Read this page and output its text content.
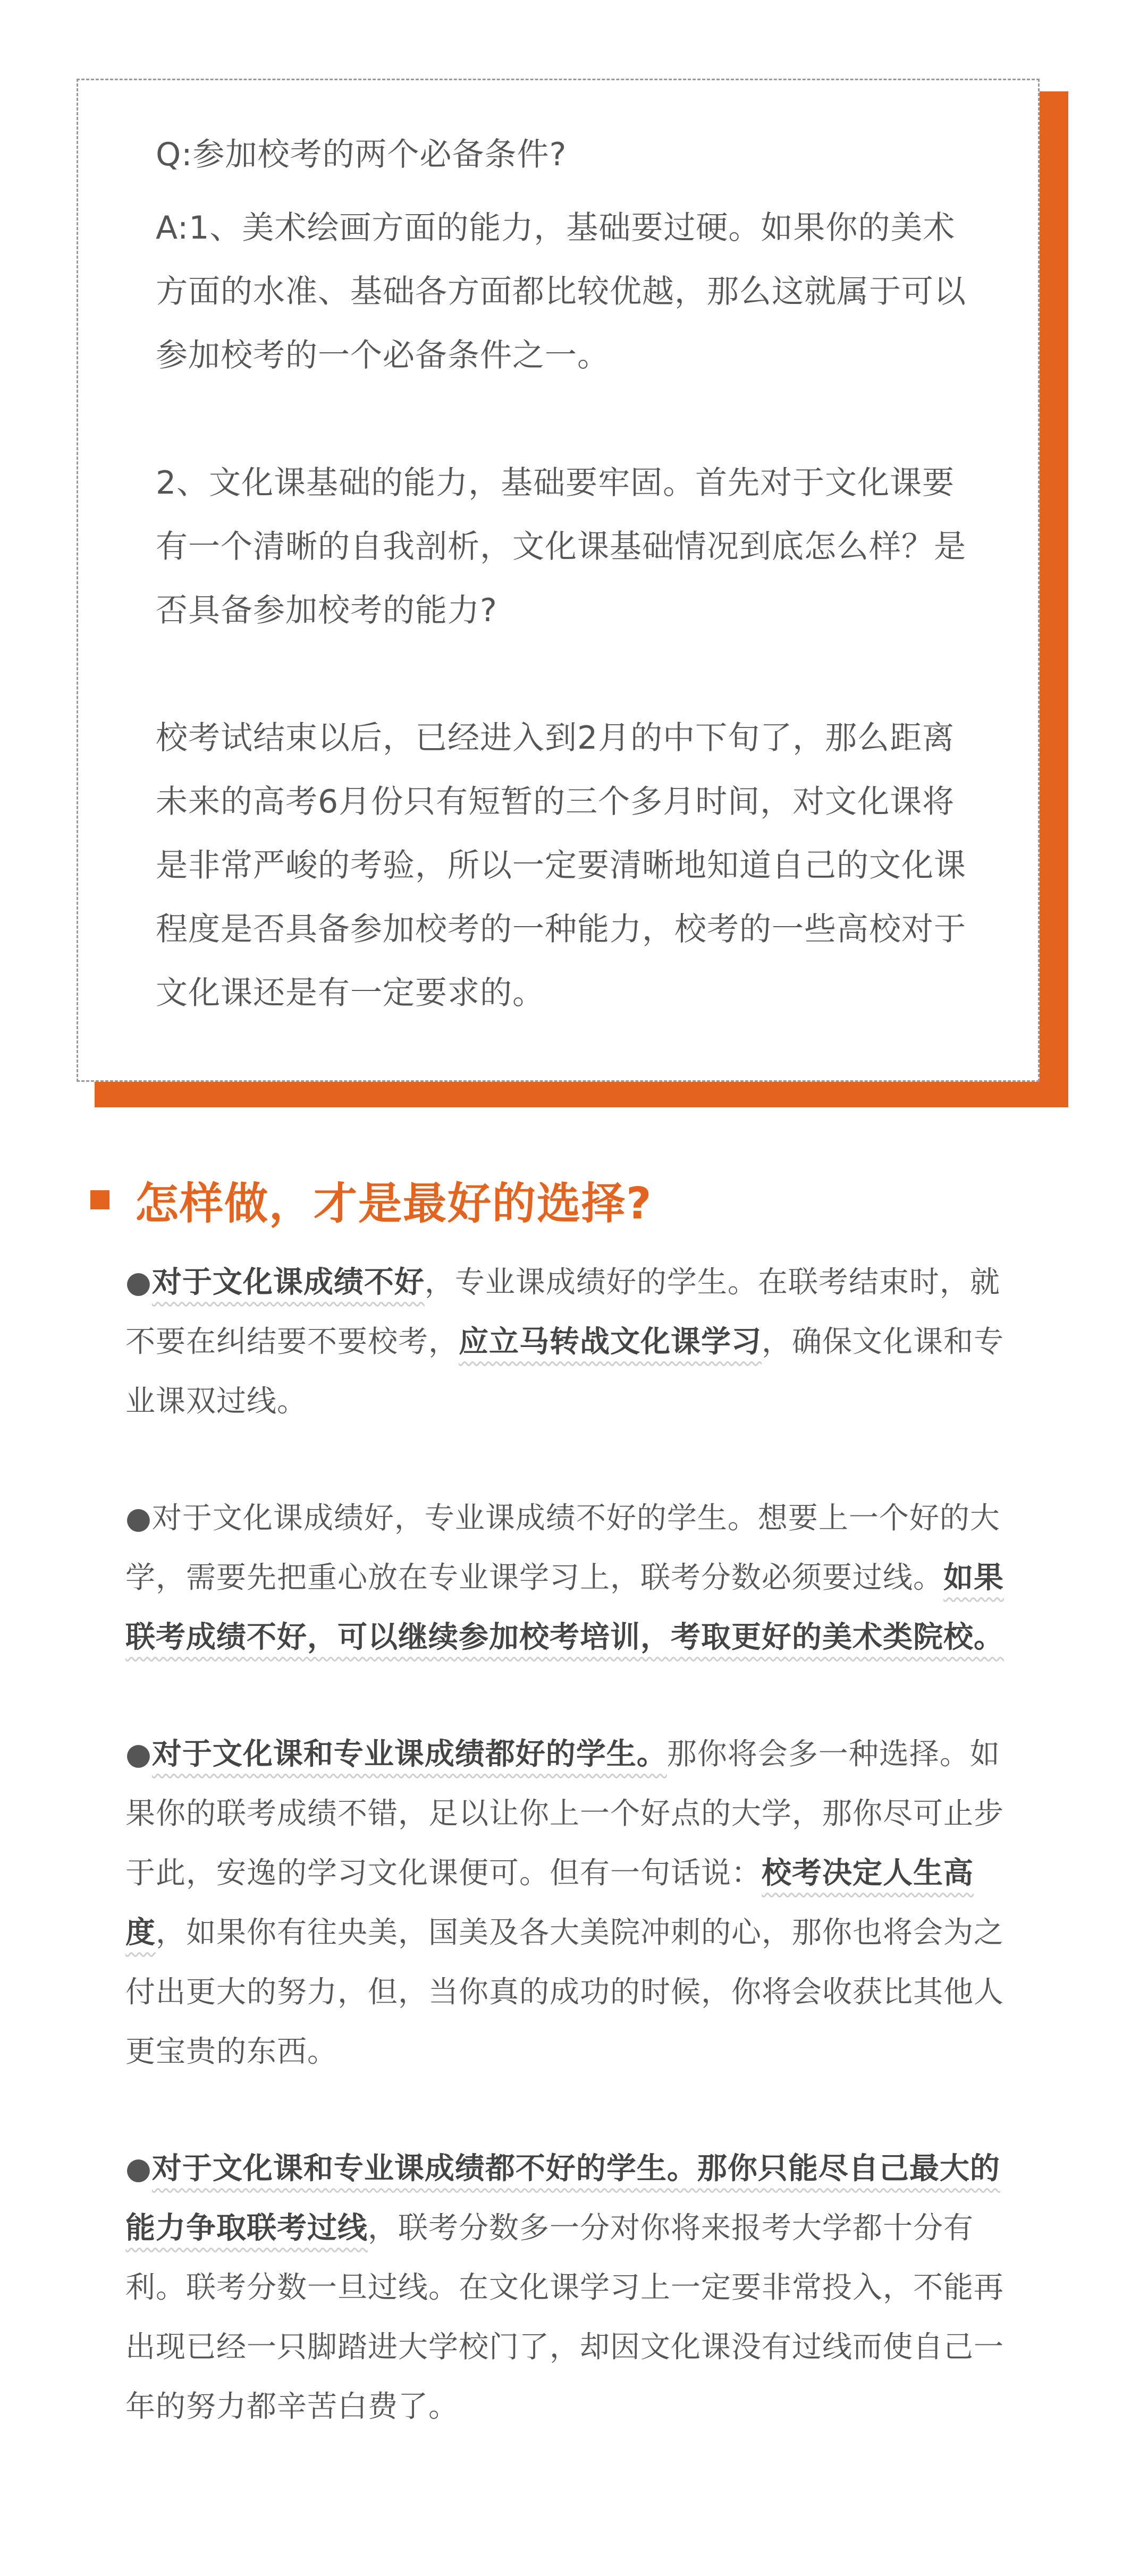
Q:参加校考的两个必备条件?

A:1、美术绘画方面的能力，基础要过硬。如果你的美术方面的水准、基础各方面都比较优越，那么这就属于可以参加校考的一个必备条件之一。

2、文化课基础的能力，基础要牢固。首先对于文化课要有一个清晰的自我剖析，文化课基础情况到底怎么样？是否具备参加校考的能力?

校考试结束以后，已经进入到2月的中下旬了，那么距离未来的高考6月份只有短暂的三个多月时间，对文化课将是非常严峻的考验，所以一定要清晰地知道自己的文化课程度是否具备参加校考的一种能力，校考的一些高校对于文化课还是有一定要求的。

怎样做，才是最好的选择?

●对于文化课成绩不好，专业课成绩好的学生。在联考结束时，就不要在纠结要不要校考，应立马转战文化课学习，确保文化课和专业课双过线。

●对于文化课成绩好，专业课成绩不好的学生。想要上一个好的大学，需要先把重心放在专业课学习上，联考分数必须要过线。如果联考成绩不好，可以继续参加校考培训，考取更好的美术类院校。

●对于文化课和专业课成绩都好的学生。那你将会多一种选择。如果你的联考成绩不错，足以让你上一个好点的大学，那你尽可止步于此，安逸的学习文化课便可。但有一句话说：校考决定人生高度，如果你有往央美，国美及各大美院冲刺的心，那你也将会为之付出更大的努力，但，当你真的成功的时候，你将会收获比其他人更宝贵的东西。

●对于文化课和专业课成绩都不好的学生。那你只能尽自己最大的能力争取联考过线，联考分数多一分对你将来报考大学都十分有利。联考分数一旦过线。在文化课学习上一定要非常投入，不能再出现已经一只脚踏进大学校门了，却因文化课没有过线而使自己一年的努力都辛苦白费了。
